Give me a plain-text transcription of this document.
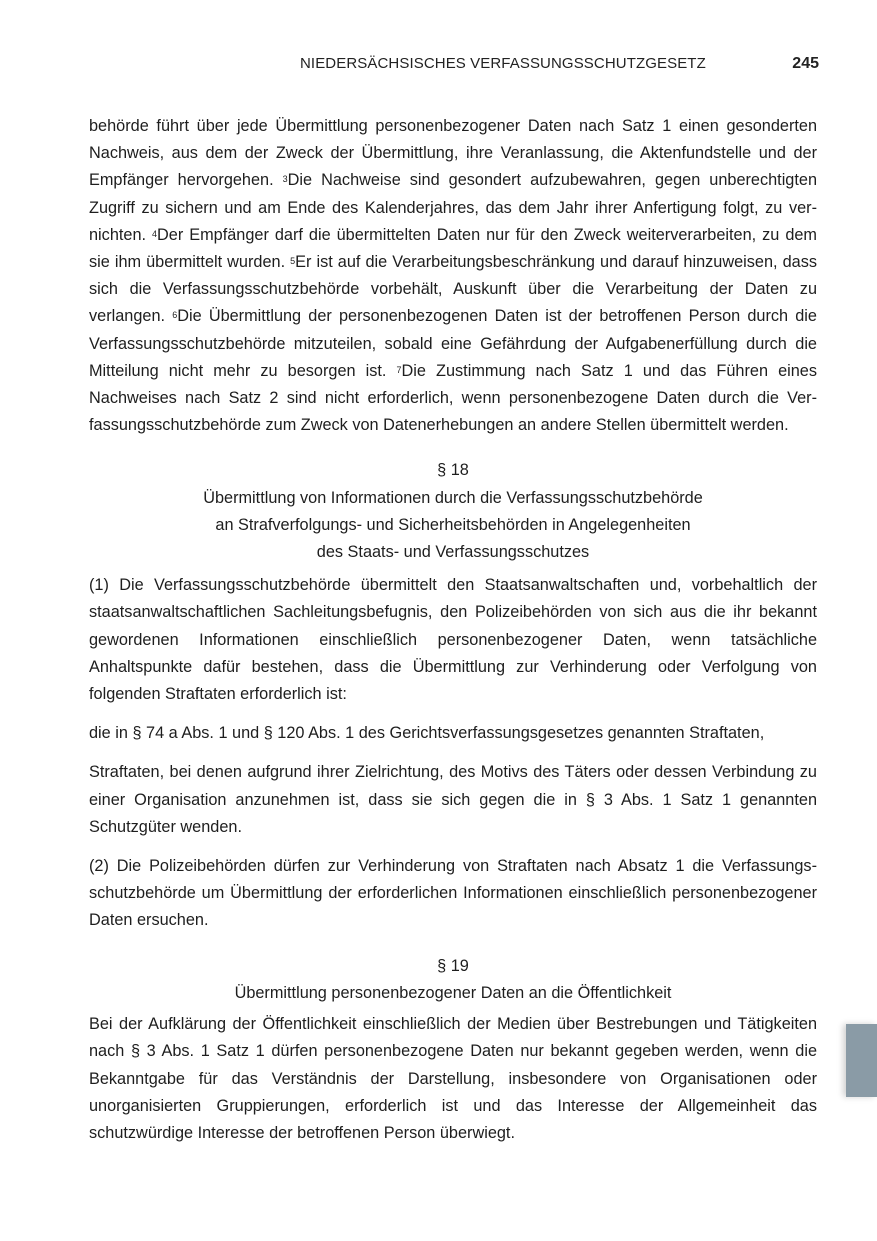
NIEDERSÄCHSISCHES VERFASSUNGSSCHUTZGESETZ	245

behörde führt über jede Übermittlung personenbezogener Daten nach Satz 1 einen gesonderten Nachweis, aus dem der Zweck der Übermittlung, ihre Veranlassung, die Aktenfundstelle und der Empfänger hervorgehen. $^3$Die Nachweise sind gesondert aufzubewahren, gegen unberechtigten Zugriff zu sichern und am Ende des Kalenderjahres, das dem Jahr ihrer Anfertigung folgt, zu vernichten. $^4$Der Empfänger darf die übermittelten Daten nur für den Zweck weiterverarbeiten, zu dem sie ihm übermittelt wurden. $^5$Er ist auf die Verarbeitungsbeschränkung und darauf hinzuweisen, dass sich die Verfassungsschutzbehörde vorbehält, Auskunft über die Verarbeitung der Daten zu verlangen. $^6$Die Übermittlung der personenbezogenen Daten ist der betroffenen Person durch die Verfassungsschutzbehörde mitzuteilen, sobald eine Gefährdung der Aufgabenerfüllung durch die Mitteilung nicht mehr zu besorgen ist. $^7$Die Zustimmung nach Satz 1 und das Führen eines Nachweises nach Satz 2 sind nicht erforderlich, wenn personenbezogene Daten durch die Verfassungsschutzbehörde zum Zweck von Datenerhebungen an andere Stellen übermittelt werden.

§ 18

Übermittlung von Informationen durch die Verfassungsschutzbehörde

an Strafverfolgungs- und Sicherheitsbehörden in Angelegenheiten

des Staats- und Verfassungsschutzes

(1) Die Verfassungsschutzbehörde übermittelt den Staatsanwaltschaften und, vorbehaltlich der staatsanwaltschaftlichen Sachleitungsbefugnis, den Polizeibehörden von sich aus die ihr bekannt gewordenen Informationen einschließlich personenbezogener Daten, wenn tatsächliche Anhaltspunkte dafür bestehen, dass die Übermittlung zur Verhinderung oder Verfolgung von folgenden Straftaten erforderlich ist:

die in § 74 a Abs. 1 und § 120 Abs. 1 des Gerichtsverfassungsgesetzes genannten Straftaten,

Straftaten, bei denen aufgrund ihrer Zielrichtung, des Motivs des Täters oder dessen Verbindung zu einer Organisation anzunehmen ist, dass sie sich gegen die in § 3 Abs. 1 Satz 1 genannten Schutzgüter wenden.

(2) Die Polizeibehörden dürfen zur Verhinderung von Straftaten nach Absatz 1 die Verfassungsschutzbehörde um Übermittlung der erforderlichen Informationen einschließlich personenbezogener Daten ersuchen.

§ 19

Übermittlung personenbezogener Daten an die Öffentlichkeit

Bei der Aufklärung der Öffentlichkeit einschließlich der Medien über Bestrebungen und Tätigkeiten nach § 3 Abs. 1 Satz 1 dürfen personenbezogene Daten nur bekannt gegeben werden, wenn die Bekanntgabe für das Verständnis der Darstellung, insbesondere von Organisationen oder unorganisierten Gruppierungen, erforderlich ist und das Interesse der Allgemeinheit das schutzwürdige Interesse der betroffenen Person überwiegt.
